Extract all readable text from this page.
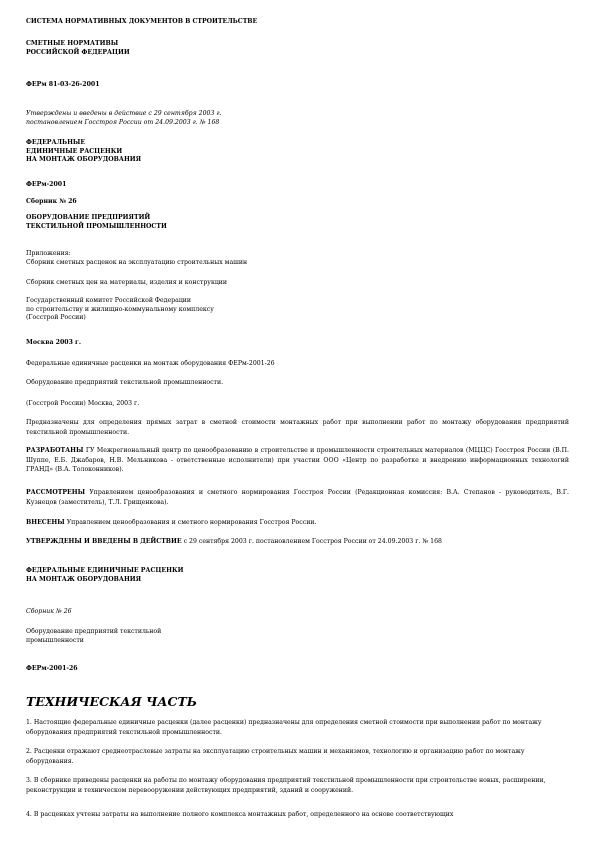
СИСТЕМА НОРМАТИВНЫХ ДОКУМЕНТОВ В СТРОИТЕЛЬСТВЕ

СМЕТНЫЕ НОРМАТИВЫ
РОССИЙСКОЙ ФЕДЕРАЦИИ

ФЕРм 81-03-26-2001

Утверждены и введены в действие с 29 сентября 2003 г.
постановлением Госстроя России от 24.09.2003 г. № 168
ФЕДЕРАЛЬНЫЕ
ЕДИНИЧНЫЕ РАСЦЕНКИ
НА МОНТАЖ ОБОРУДОВАНИЯ

ФЕРм-2001

Сборник № 26

ОБОРУДОВАНИЕ ПРЕДПРИЯТИЙ
ТЕКСТИЛЬНОЙ ПРОМЫШЛЕННОСТИ
Приложения:
Сборник сметных расценок на эксплуатацию строительных машин

Сборник сметных цен на материалы, изделия и конструкции

Государственный комитет Российской Федерации
по строительству и жилищно-коммунальному комплексу
(Госстрой России)

Москва 2003 г.

Федеральные единичные расценки на монтаж оборудования ФЕРм-2001-26

Оборудование предприятий текстильной промышленности.

(Госстрой России) Москва, 2003 г.

Предназначены для определения прямых затрат в сметной стоимости монтажных работ при выполнении работ по монтажу оборудования предприятий текстильной промышленности.

РАЗРАБОТАНЫ ГУ Межрегиональный центр по ценообразованию в строительстве и промышленности строительных материалов (МЦЦС) Госстроя России (В.П. Шуппе, Е.Б. Джабаров, Н.В. Мельникова - ответственные исполнители) при участии ООО «Центр по разработке и внедрению информационных технологий ГРАНД» (В.А. Толоконников).

РАССМОТРЕНЫ Управлением ценообразования и сметного нормирования Госстроя России (Редакционная комиссия: В.А. Степанов - руководитель, В.Г. Кузнецов (заместитель), Т.Л. Грищенкова).

ВНЕСЕНЫ Управлением ценообразования и сметного нормирования Госстроя России.

УТВЕРЖДЕНЫ И ВВЕДЕНЫ В ДЕЙСТВИЕ с 29 сентября 2003 г. постановлением Госстроя России от 24.09.2003 г. № 168

ФЕДЕРАЛЬНЫЕ ЕДИНИЧНЫЕ РАСЦЕНКИ
НА МОНТАЖ ОБОРУДОВАНИЯ

Сборник № 26

Оборудование предприятий текстильной
промышленности

ФЕРм-2001-26

ТЕХНИЧЕСКАЯ ЧАСТЬ

1. Настоящие федеральные единичные расценки (далее расценки) предназначены для определения сметной стоимости при выполнении работ по монтажу оборудования предприятий текстильной промышленности.

2. Расценки отражают среднеотраслевые затраты на эксплуатацию строительных машин и механизмов, технологию и организацию работ по монтажу оборудования.

3. В сборнике приведены расценки на работы по монтажу оборудования предприятий текстильной промышленности при строительстве новых, расширении, реконструкции и техническом перевооружении действующих предприятий, зданий и сооружений.

4. В расценках учтены затраты на выполнение полного комплекса монтажных работ, определенного на основе соответствующих
